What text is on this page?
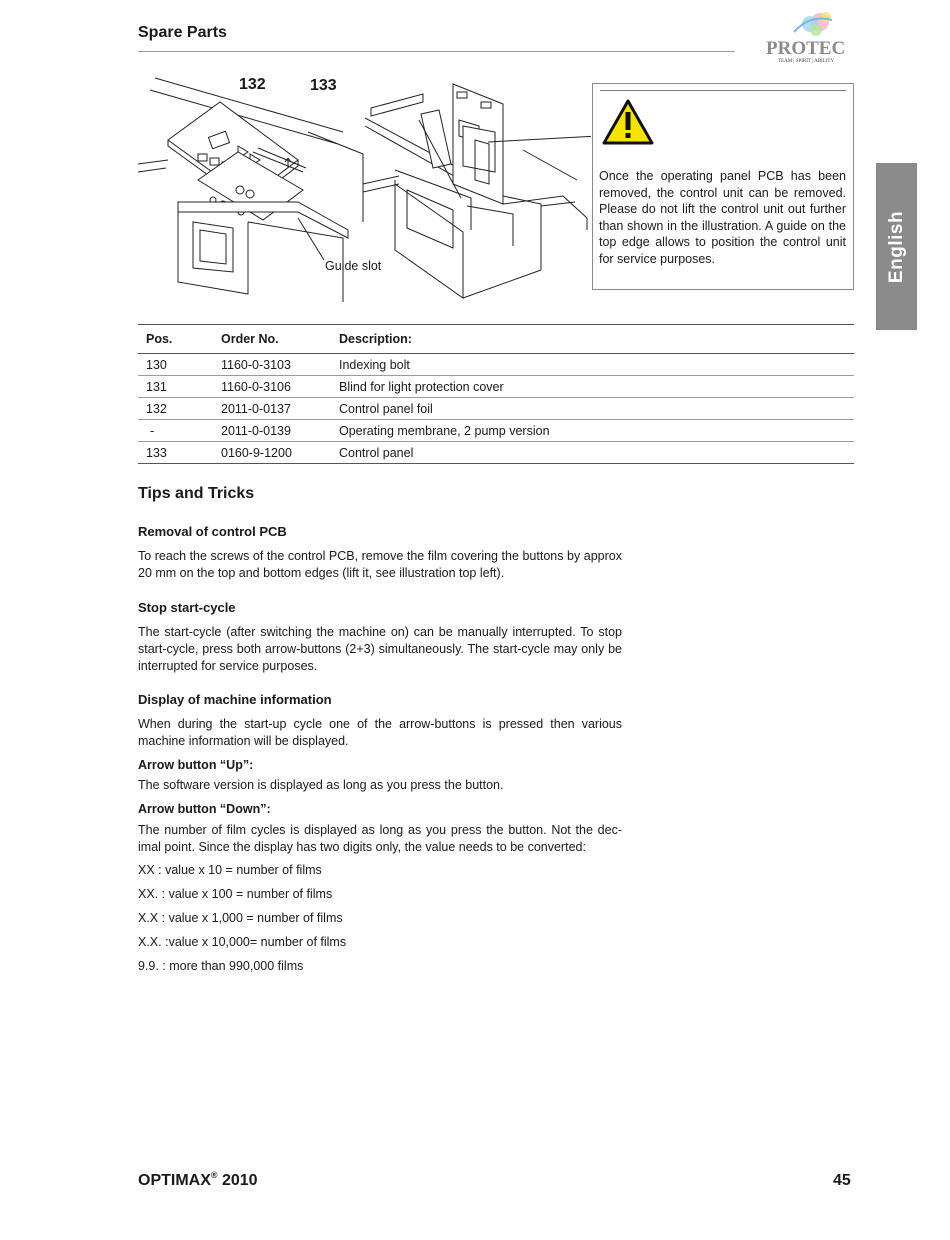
Spare Parts
PROTEC
TEAM | SPIRIT | ABILITY
English
132	133
Guide slot
Once the operating panel PCB has been removed, the control unit can be removed. Please do not lift the control unit out further than shown in the illustration. A guide on the top edge allows to position the control unit for service purposes.
Pos.	Order No.	Description:
130	1160-0-3103	Indexing bolt
131	1160-0-3106	Blind for light protection cover
132	2011-0-0137	Control panel foil
-	2011-0-0139	Operating membrane, 2 pump version
133	0160-9-1200	Control panel
Tips and Tricks
Removal of control PCB
To reach the screws of the control PCB, remove the film covering the buttons by approx 20 mm on the top and bottom edges (lift it, see illustration top left).
Stop start-cycle
The start-cycle (after switching the machine on) can be manually interrupted. To stop start-cycle, press both arrow-buttons (2+3) simultaneously. The start-cycle may only be interrupted for service purposes.
Display of machine information
When during the start-up cycle one of the arrow-buttons is pressed then various machine information will be displayed.
Arrow button “Up”:
The software version is displayed as long as you press the button.
Arrow button “Down”:
The number of film cycles is displayed as long as you press the button. Not the dec-imal point. Since the display has two digits only, the value needs to be converted:
XX : value x 10 = number of films
XX. : value x 100 = number of films
X.X : value x 1,000 = number of films
X.X. :value x 10,000= number of films
9.9. : more than 990,000 films
OPTIMAX® 2010	45
